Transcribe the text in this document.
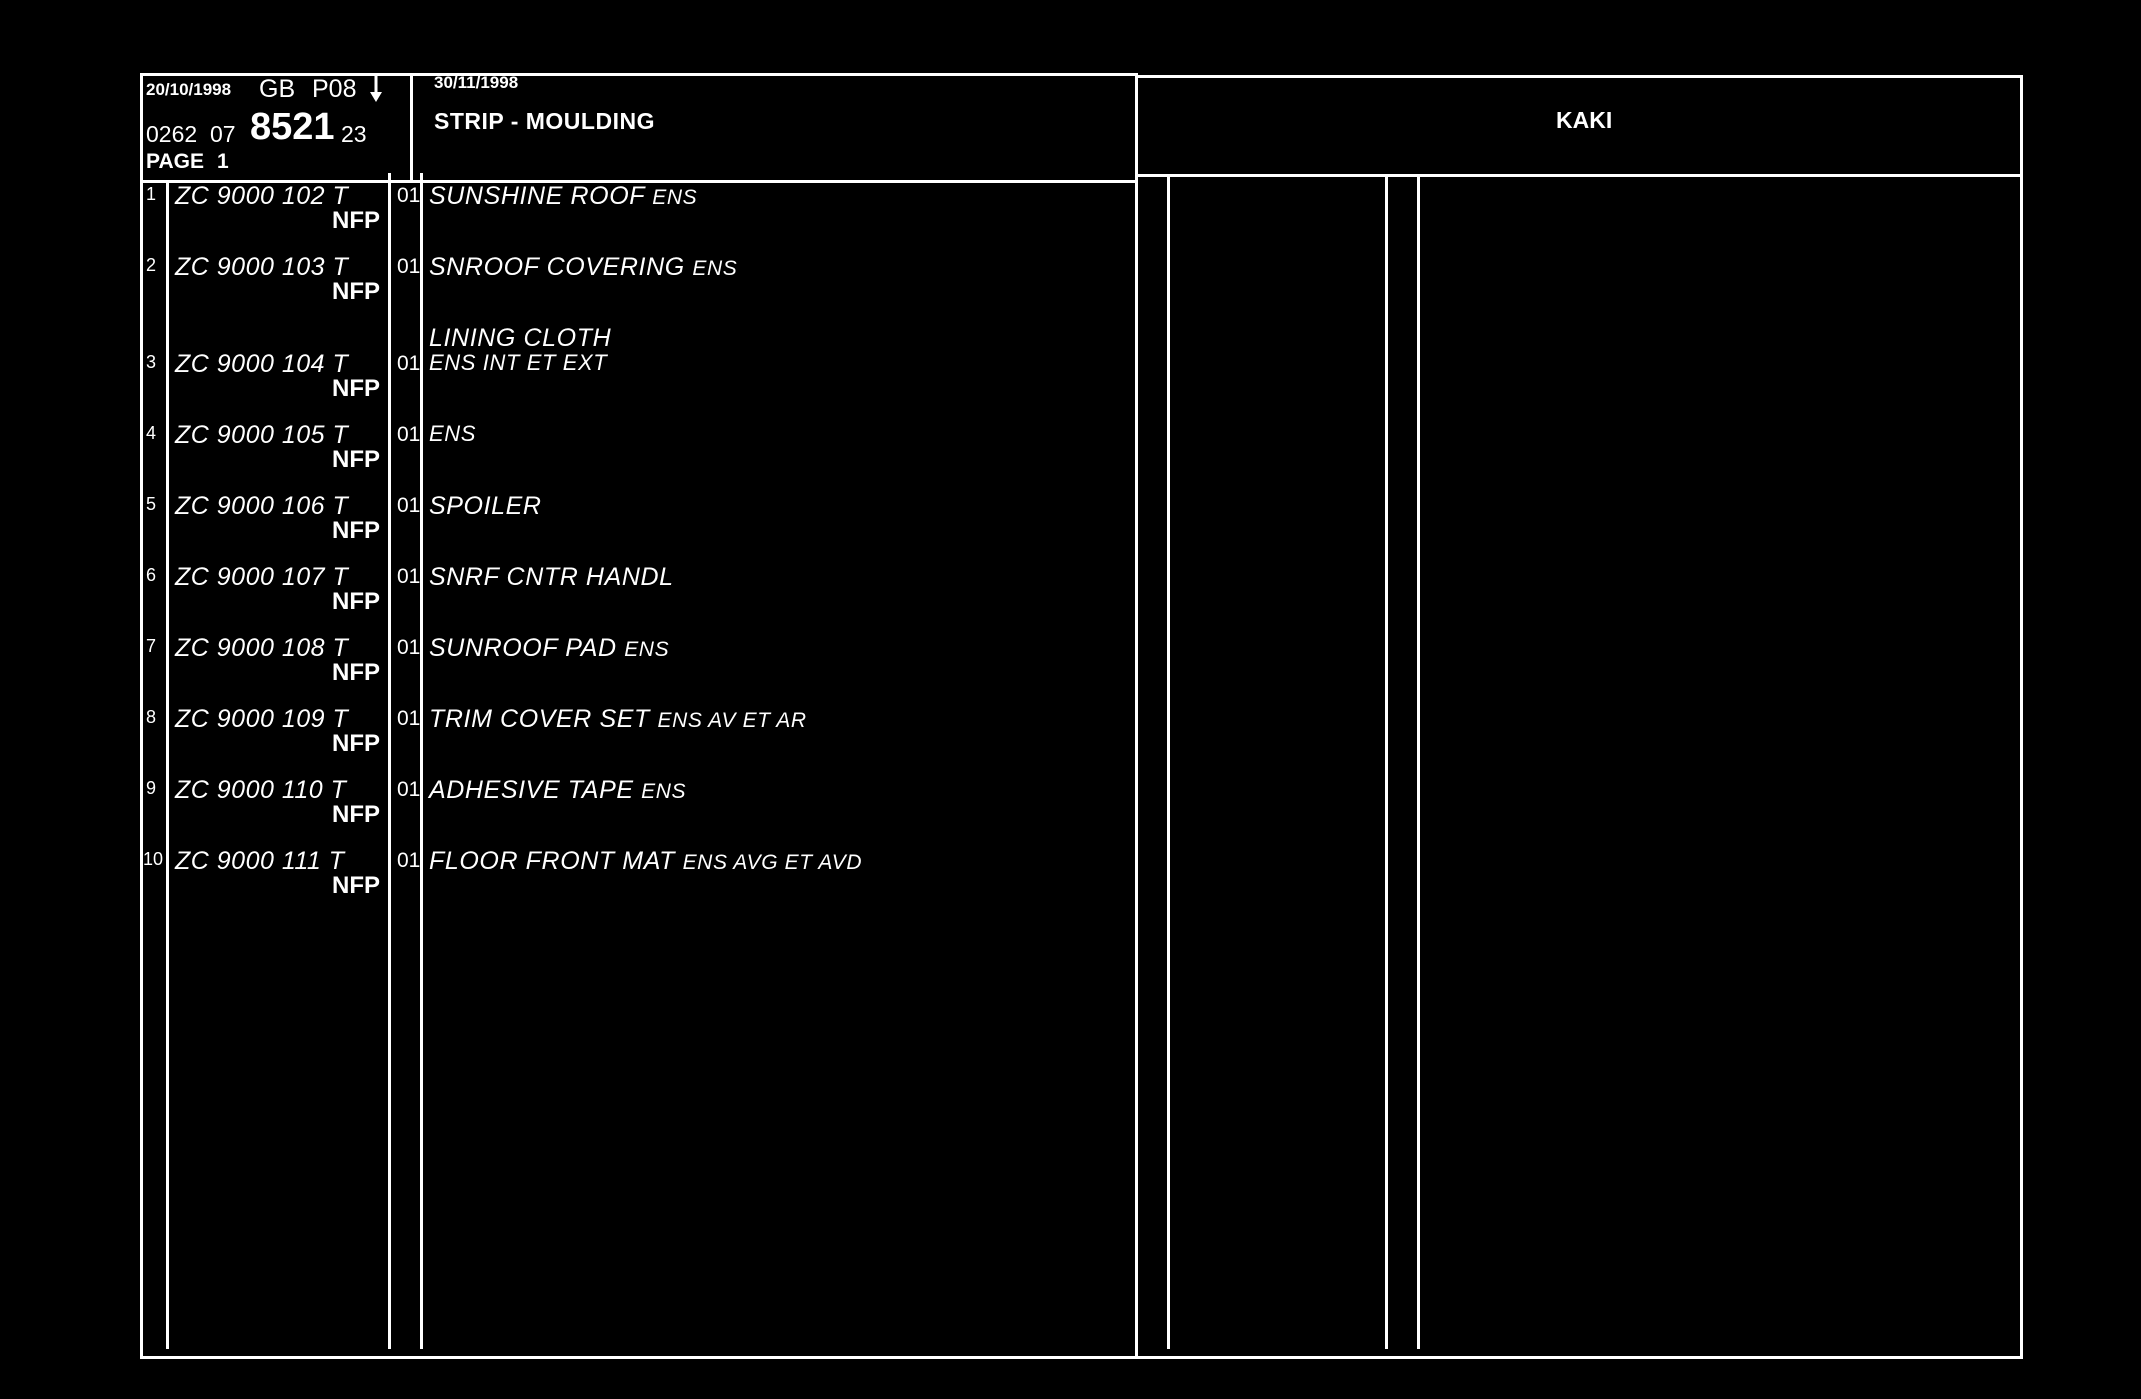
20/10/1998 GB P08
0262 07 8521 23
PAGE 1
30/11/1998
STRIP - MOULDING	KAKI
1 ZC 9000 102 T
NFP
01 SUNSHINE ROOF ENS
2 ZC 9000 103 T
NFP
01 SNROOF COVERING ENS
LINING CLOTH
3 ZC 9000 104 T
NFP
01 ENS INT ET EXT
4 ZC 9000 105 T
NFP
01 ENS
5 ZC 9000 106 T
NFP
01 SPOILER
6 ZC 9000 107 T
NFP
01 SNRF CNTR HANDL
7 ZC 9000 108 T
NFP
01 SUNROOF PAD ENS
8 ZC 9000 109 T
NFP
01 TRIM COVER SET ENS AV ET AR
9 ZC 9000 110 T
NFP
01 ADHESIVE TAPE ENS
10 ZC 9000 111 T
NFP
01 FLOOR FRONT MAT ENS AVG ET AVD
